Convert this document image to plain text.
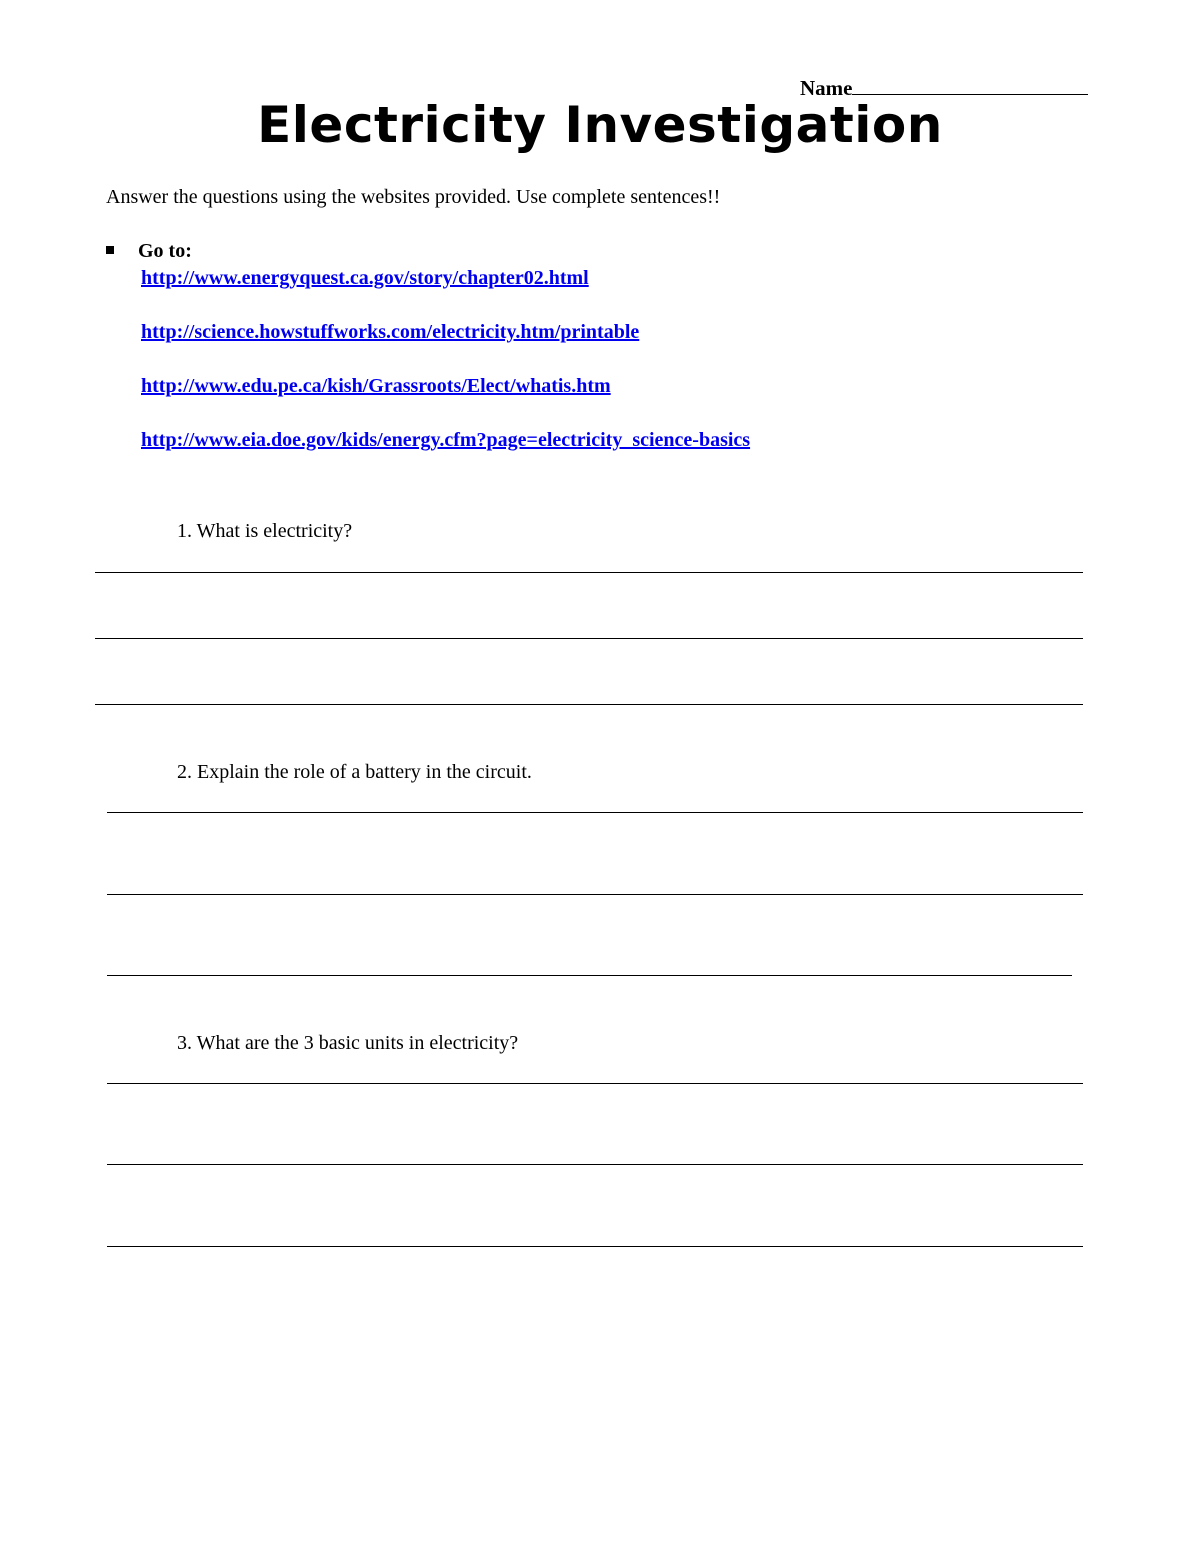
Name
Electricity Investigation
Answer the questions using the websites provided. Use complete sentences!!
Go to:
http://www.energyquest.ca.gov/story/chapter02.html
http://science.howstuffworks.com/electricity.htm/printable
http://www.edu.pe.ca/kish/Grassroots/Elect/whatis.htm
http://www.eia.doe.gov/kids/energy.cfm?page=electricity_science-basics
1. What is electricity?
2. Explain the role of a battery in the circuit.
3. What are the 3 basic units in electricity?
